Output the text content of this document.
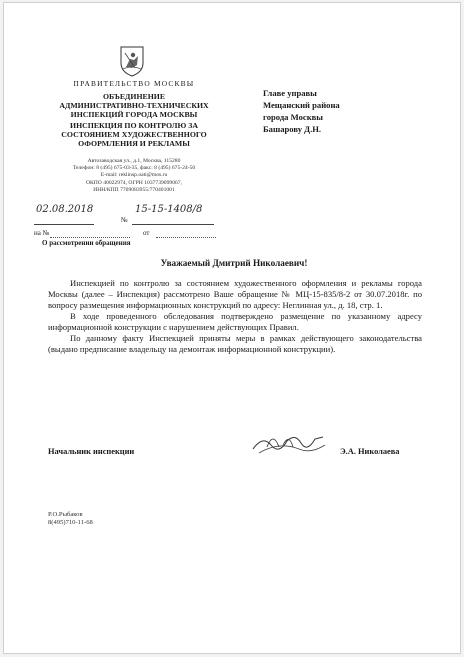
ПРАВИТЕЛЬСТВО МОСКВЫ
ОБЪЕДИНЕНИЕ
АДМИНИСТРАТИВНО-ТЕХНИЧЕСКИХ
ИНСПЕКЦИЙ ГОРОДА МОСКВЫ
ИНСПЕКЦИЯ ПО КОНТРОЛЮ ЗА
СОСТОЯНИЕМ ХУДОЖЕСТВЕННОГО
ОФОРМЛЕНИЯ И РЕКЛАМЫ
Автозаводская ул., д.1, Москва, 115280
Телефон: 8 (495) 675-03-35, факс: 8 (495) 675-24-50
E-mail: reklinsp.oati@mos.ru
ОКПО 40022974, ОГРН 1037739099067,
ИНН/КПП 7709083955/770401001
Главе управы
Мещанский района
города Москвы
Башарову Д.Н.
02.08.2018
№
15-15-1408/8
на №	от
О рассмотрении обращения
Уважаемый Дмитрий Николаевич!

Инспекцией по контролю за состоянием художественного оформления и рекламы города Москвы (далее – Инспекция) рассмотрено Ваше обращение № МЦ-15-835/8-2 от 30.07.2018г. по вопросу размещения информационных конструкций по адресу: Неглинная ул., д. 18, стр. 1.

В ходе проведенного обследования подтверждено размещение по указанному адресу информационной конструкции с нарушением действующих Правил.

По данному факту Инспекцией приняты меры в рамках действующего законодательства (выдано предписание владельцу на демонтаж информационной конструкции).

Начальник инспекции	Э.А. Николаева
Р.О.Рыбаков
8(495)710-11-68
